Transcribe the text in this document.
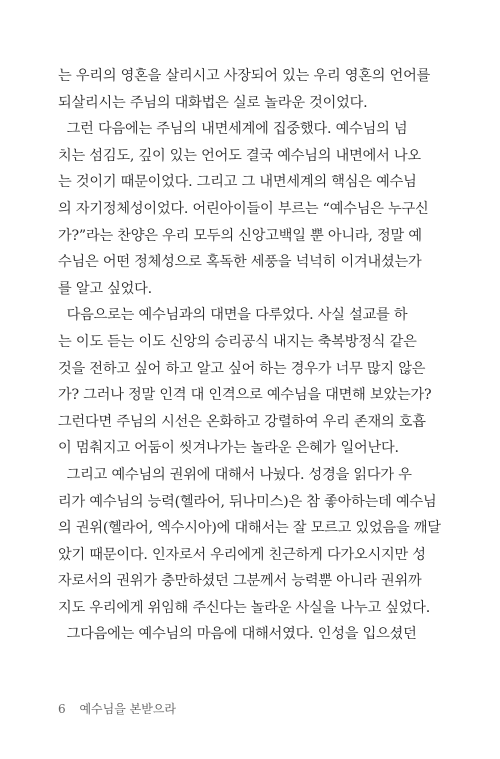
는 우리의 영혼을 살리시고 사장되어 있는 우리 영혼의 언어를
되살리시는 주님의 대화법은 실로 놀라운 것이었다.
그런 다음에는 주님의 내면세계에 집중했다. 예수님의 넘
치는 섬김도, 깊이 있는 언어도 결국 예수님의 내면에서 나오
는 것이기 때문이었다. 그리고 그 내면세계의 핵심은 예수님
의 자기정체성이었다. 어린아이들이 부르는 “예수님은 누구신
가?”라는 찬양은 우리 모두의 신앙고백일 뿐 아니라, 정말 예
수님은 어떤 정체성으로 혹독한 세풍을 넉넉히 이겨내셨는가
를 알고 싶었다.
다음으로는 예수님과의 대면을 다루었다. 사실 설교를 하
는 이도 듣는 이도 신앙의 승리공식 내지는 축복방정식 같은
것을 전하고 싶어 하고 알고 싶어 하는 경우가 너무 많지 않은
가? 그러나 정말 인격 대 인격으로 예수님을 대면해 보았는가?
그런다면 주님의 시선은 온화하고 강렬하여 우리 존재의 호흡
이 멈춰지고 어둠이 씻겨나가는 놀라운 은혜가 일어난다.
그리고 예수님의 권위에 대해서 나눴다. 성경을 읽다가 우
리가 예수님의 능력(헬라어, 뒤나미스)은 참 좋아하는데 예수님
의 권위(헬라어, 엑수시아)에 대해서는 잘 모르고 있었음을 깨달
았기 때문이다. 인자로서 우리에게 친근하게 다가오시지만 성
자로서의 권위가 충만하셨던 그분께서 능력뿐 아니라 권위까
지도 우리에게 위임해 주신다는 놀라운 사실을 나누고 싶었다.
그다음에는 예수님의 마음에 대해서였다. 인성을 입으셨던
6 예수님을 본받으라
